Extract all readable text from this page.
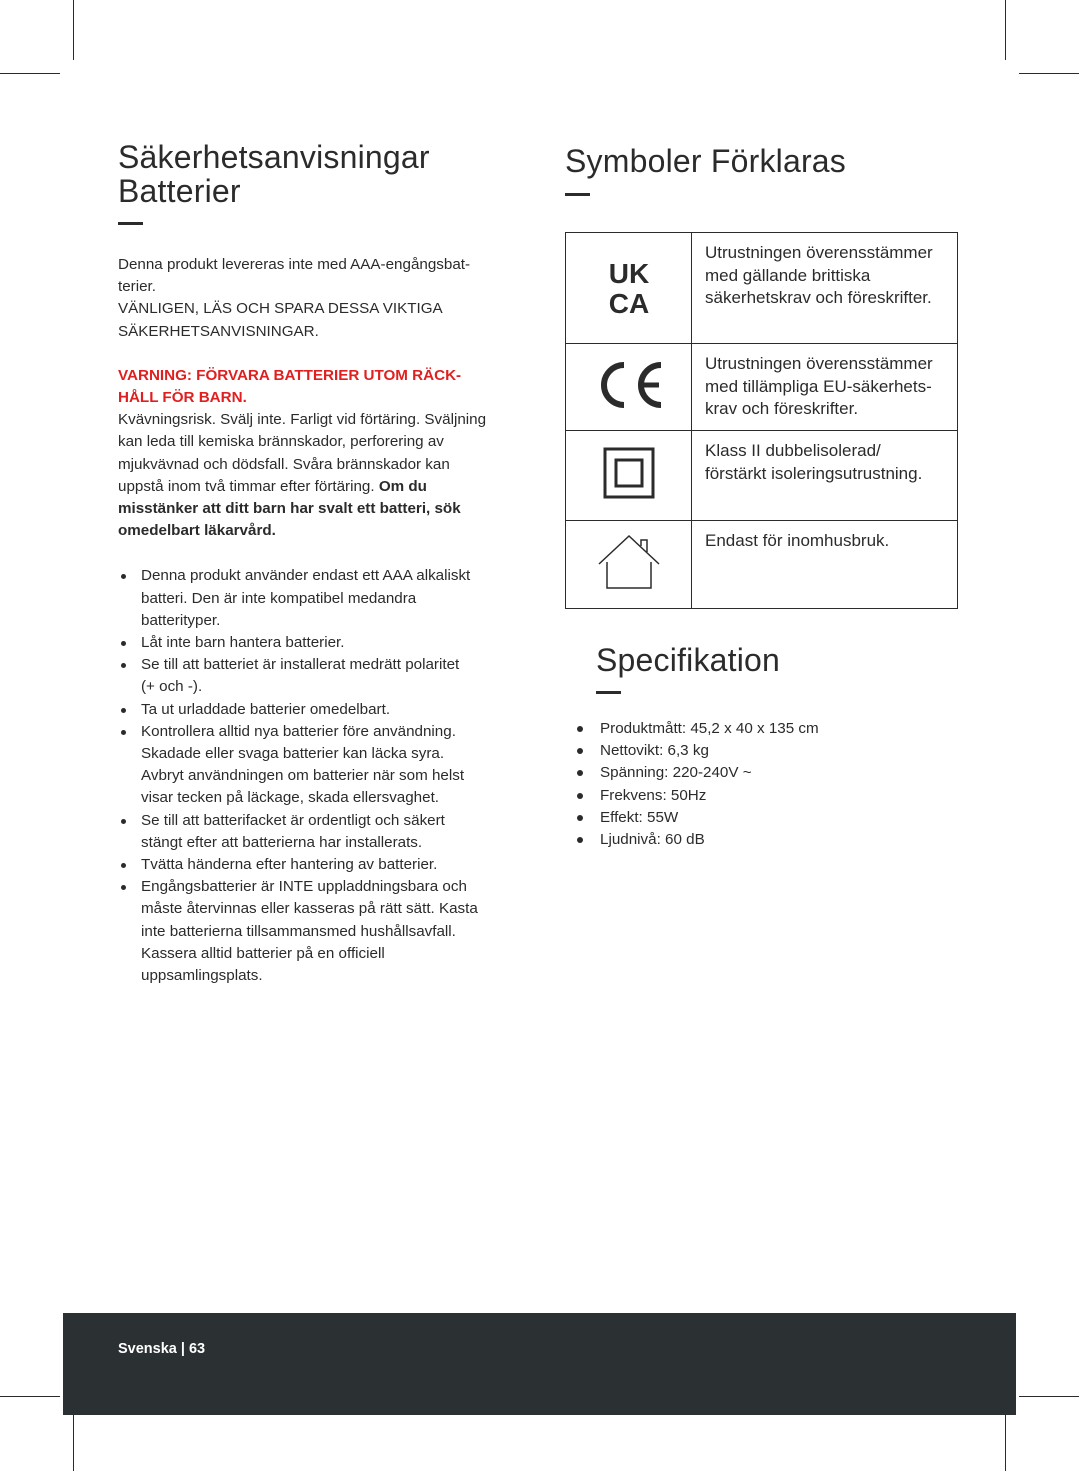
Säkerhetsanvisningar
Batterier

Denna produkt levereras inte med AAA-engångsbat-
terier.
VÄNLIGEN, LÄS OCH SPARA DESSA VIKTIGA
SÄKERHETSANVISNINGAR.

VARNING: FÖRVARA BATTERIER UTOM RÄCK-
HÅLL FÖR BARN.

Kvävningsrisk. Svälj inte. Farligt vid förtäring. Sväljning
kan leda till kemiska brännskador, perforering av
mjukvävnad och dödsfall. Svåra brännskador kan
uppstå inom två timmar efter förtäring. Om du
misstänker att ditt barn har svalt ett batteri, sök
omedelbart läkarvård.

Denna produkt använder endast ett AAA alkaliskt
batteri. Den är inte kompatibel medandra
batterityper.
Låt inte barn hantera batterier.
Se till att batteriet är installerat medrätt polaritet
(+ och -).
Ta ut urladdade batterier omedelbart.
Kontrollera alltid nya batterier före användning.
Skadade eller svaga batterier kan läcka syra.
Avbryt användningen om batterier när som helst
visar tecken på läckage, skada ellersvaghet.
Se till att batterifacket är ordentligt och säkert
stängt efter att batterierna har installerats.
Tvätta händerna efter hantering av batterier.
Engångsbatterier är INTE uppladdningsbara och
måste återvinnas eller kasseras på rätt sätt. Kasta
inte batterierna tillsammansmed hushållsavfall.
Kassera alltid batterier på en officiell
uppsamlingsplats.
Symboler Förklaras
UK
CA	Utrustningen överensstämmer
med gällande brittiska
säkerhetskrav och föreskrifter.
	Utrustningen överensstämmer
med tillämpliga EU-säkerhets-
krav och föreskrifter.
	Klass II dubbelisolerad/
förstärkt isoleringsutrustning.
	Endast för inomhusbruk.
Specifikation
Produktmått: 45,2 x 40 x 135 cm
Nettovikt: 6,3 kg
Spänning: 220-240V ~
Frekvens: 50Hz
Effekt: 55W
Ljudnivå: 60 dB
Svenska | 63
